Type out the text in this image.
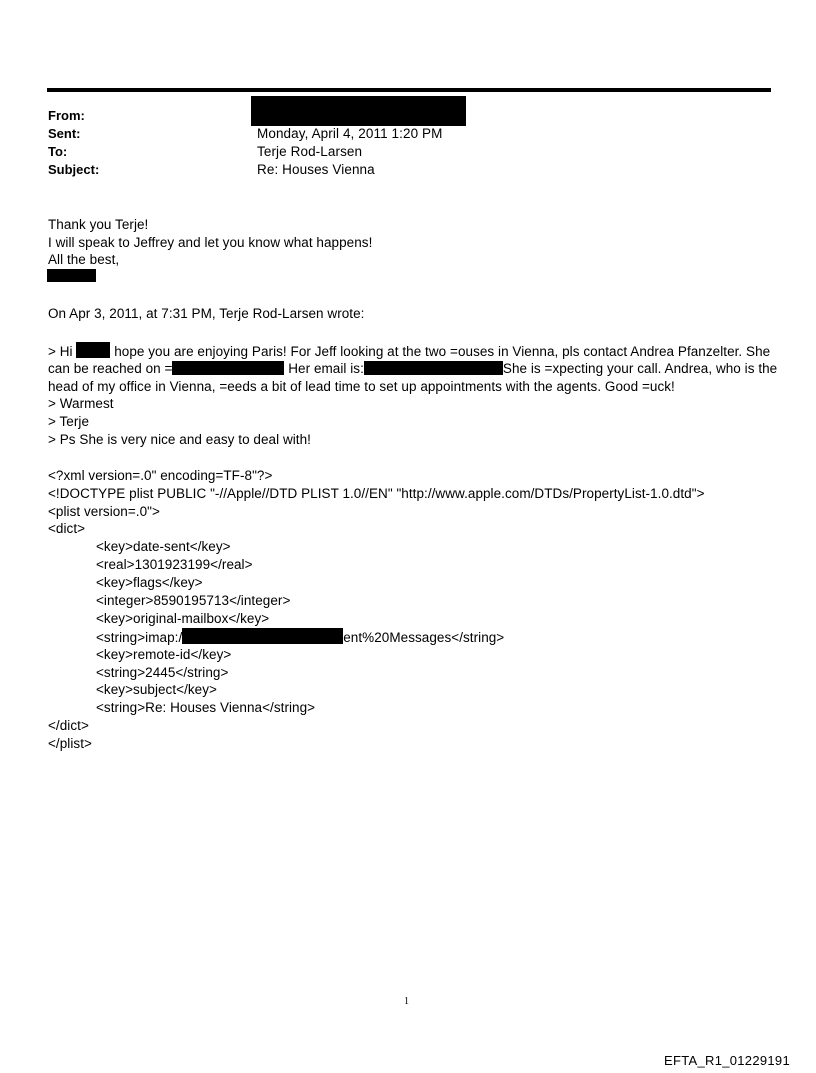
From:
Sent:	Monday, April 4, 2011 1:20 PM
To:	Terje Rod-Larsen
Subject:	Re: Houses Vienna
Thank you Terje!
I will speak to Jeffrey and let you know what happens!
All the best,
On Apr 3, 2011, at 7:31 PM, Terje Rod-Larsen wrote:
> Hi	hope you are enjoying Paris! For Jeff looking at the two =ouses in Vienna, pls contact Andrea Pfanzelter. She
can be reached on =	Her email is:	She is =xpecting your call. Andrea, who is the
head of my office in Vienna, =eeds a bit of lead time to set up appointments with the agents. Good =uck!
> Warmest
> Terje
> Ps She is very nice and easy to deal with!
<?xml version=.0" encoding=TF-8"?>
<!DOCTYPE plist PUBLIC "-//Apple//DTD PLIST 1.0//EN" "http://www.apple.com/DTDs/PropertyList-1.0.dtd">
<plist version=.0">
<dict>
<key>date-sent</key>
<real>1301923199</real>
<key>flags</key>
<integer>8590195713</integer>
<key>original-mailbox</key>
<string>imap:/	ent%20Messages</string>
<key>remote-id</key>
<string>2445</string>
<key>subject</key>
<string>Re: Houses Vienna</string>
</dict>
</plist>
1
EFTA_R1_01229191
